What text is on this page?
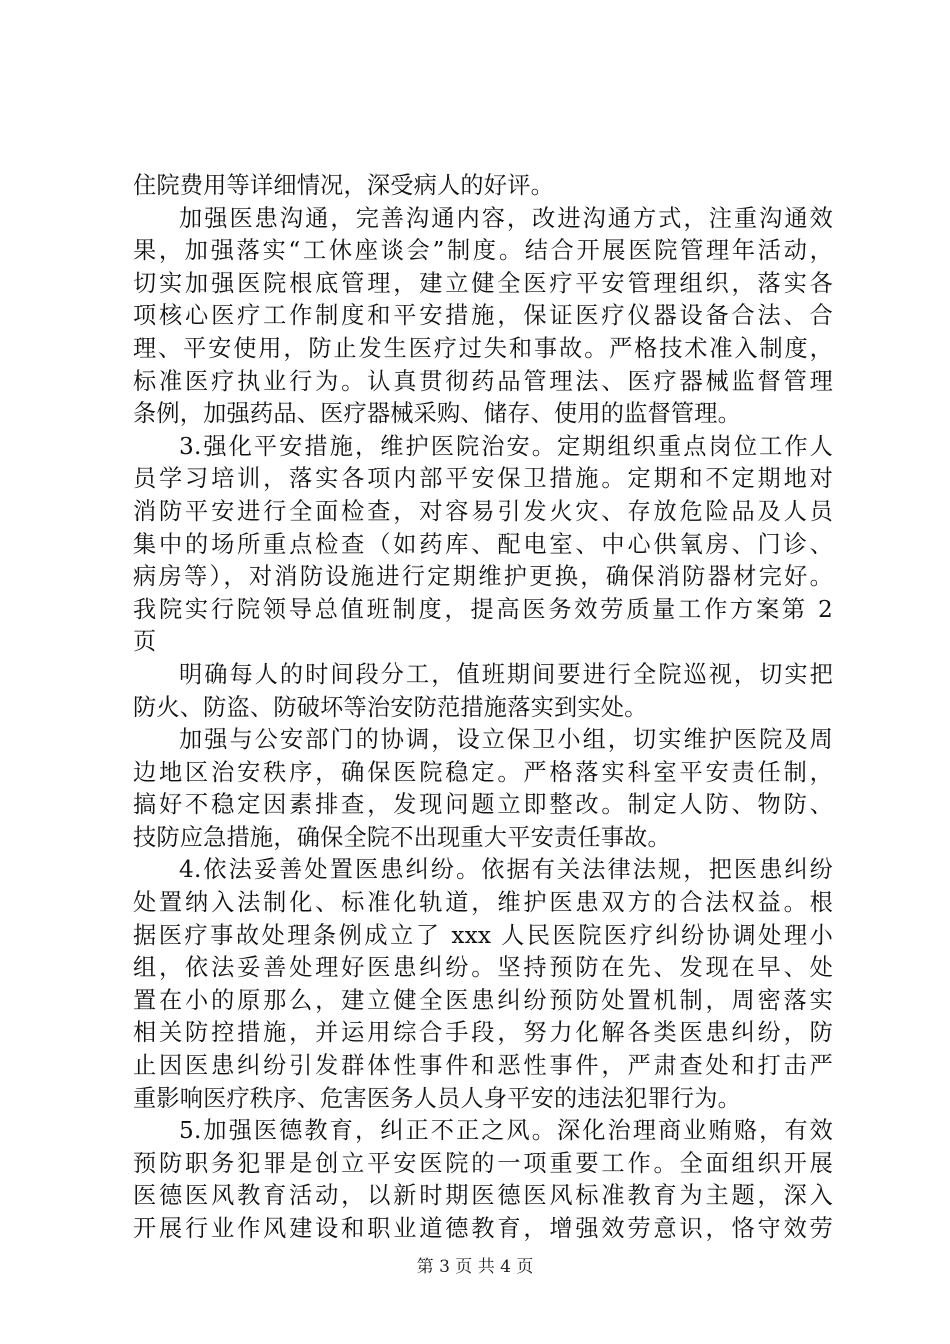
住院费用等详细情况，深受病人的好评。
加强医患沟通，完善沟通内容，改进沟通方式，注重沟通效
果，加强落实“工休座谈会”制度。结合开展医院管理年活动，
切实加强医院根底管理，建立健全医疗平安管理组织，落实各
项核心医疗工作制度和平安措施，保证医疗仪器设备合法、合
理、平安使用，防止发生医疗过失和事故。严格技术准入制度，
标准医疗执业行为。认真贯彻药品管理法、医疗器械监督管理
条例，加强药品、医疗器械采购、储存、使用的监督管理。
3.强化平安措施，维护医院治安。定期组织重点岗位工作人
员学习培训，落实各项内部平安保卫措施。定期和不定期地对
消防平安进行全面检查，对容易引发火灾、存放危险品及人员
集中的场所重点检查（如药库、配电室、中心供氧房、门诊、
病房等），对消防设施进行定期维护更换，确保消防器材完好。
我院实行院领导总值班制度，提高医务效劳质量工作方案第 2
页
明确每人的时间段分工，值班期间要进行全院巡视，切实把
防火、防盗、防破坏等治安防范措施落实到实处。
加强与公安部门的协调，设立保卫小组，切实维护医院及周
边地区治安秩序，确保医院稳定。严格落实科室平安责任制，
搞好不稳定因素排查，发现问题立即整改。制定人防、物防、
技防应急措施，确保全院不出现重大平安责任事故。
4.依法妥善处置医患纠纷。依据有关法律法规，把医患纠纷
处置纳入法制化、标准化轨道，维护医患双方的合法权益。根
据医疗事故处理条例成立了 xxx 人民医院医疗纠纷协调处理小
组，依法妥善处理好医患纠纷。坚持预防在先、发现在早、处
置在小的原那么，建立健全医患纠纷预防处置机制，周密落实
相关防控措施，并运用综合手段，努力化解各类医患纠纷，防
止因医患纠纷引发群体性事件和恶性事件，严肃查处和打击严
重影响医疗秩序、危害医务人员人身平安的违法犯罪行为。
5.加强医德教育，纠正不正之风。深化治理商业贿赂，有效
预防职务犯罪是创立平安医院的一项重要工作。全面组织开展
医德医风教育活动，以新时期医德医风标准教育为主题，深入
开展行业作风建设和职业道德教育，增强效劳意识，恪守效劳
第 3 页 共 4 页
